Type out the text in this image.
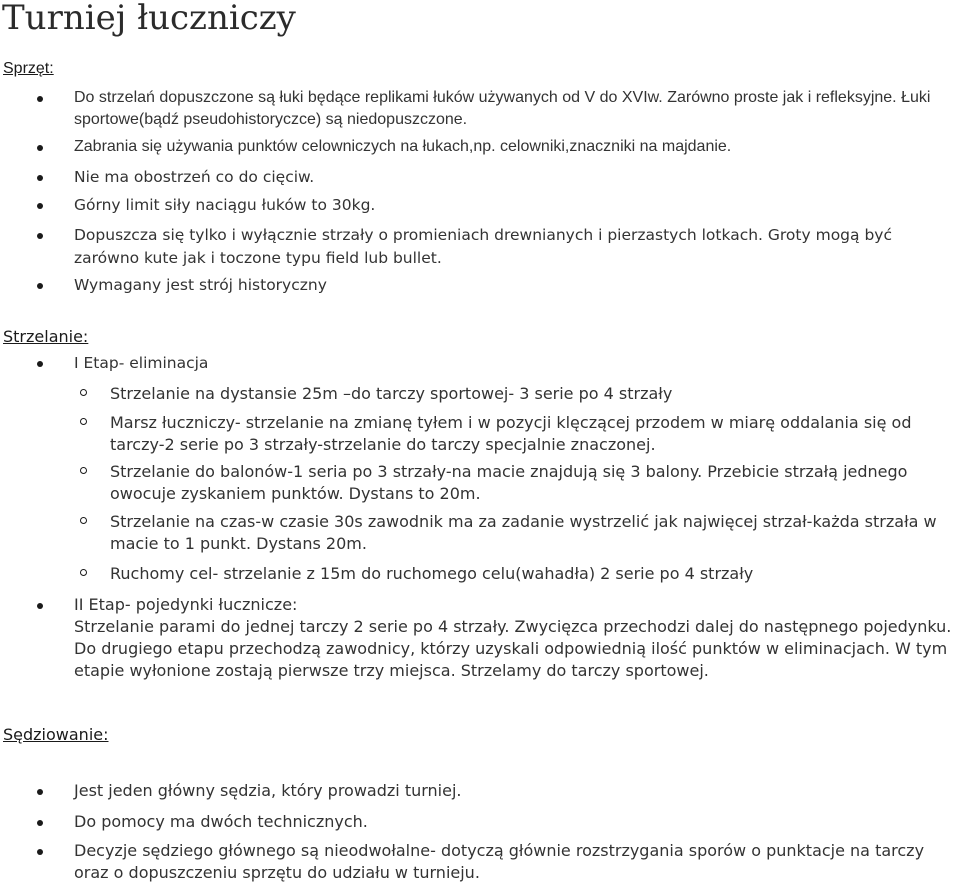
Turniej łuczniczy
Sprzęt:
Do strzelań dopuszczone są łuki będące replikami łuków używanych od V do XVIw. Zarówno proste jak i refleksyjne. Łuki sportowe(bądź pseudohistoryczce) są niedopuszczone.
Zabrania się używania punktów celowniczych na łukach,np. celowniki,znaczniki na majdanie.
Nie ma obostrzeń co do cięciw.
Górny limit siły naciągu łuków to 30kg.
Dopuszcza się tylko i wyłącznie strzały o promieniach drewnianych i pierzastych lotkach. Groty mogą być zarówno kute jak i toczone typu field lub bullet.
Wymagany jest strój historyczny
Strzelanie:
I Etap- eliminacja
Strzelanie na dystansie 25m –do tarczy sportowej- 3 serie po 4 strzały
Marsz łuczniczy- strzelanie na zmianę tyłem i w pozycji klęczącej przodem w miarę oddalania się od tarczy-2 serie po 3 strzały-strzelanie do tarczy specjalnie znaczonej.
Strzelanie do balonów-1 seria po 3 strzały-na macie znajdują się 3 balony. Przebicie strzałą jednego owocuje zyskaniem punktów. Dystans to 20m.
Strzelanie na czas-w czasie 30s zawodnik ma za zadanie wystrzelić jak najwięcej strzał-każda strzała w macie to 1 punkt. Dystans 20m.
Ruchomy cel- strzelanie z 15m do ruchomego celu(wahadła) 2 serie po 4 strzały
II Etap- pojedynki łucznicze:
Strzelanie parami do jednej tarczy 2 serie po 4 strzały. Zwycięzca przechodzi dalej do następnego pojedynku. Do drugiego etapu przechodzą zawodnicy, którzy uzyskali odpowiednią ilość punktów w eliminacjach. W tym etapie wyłonione zostają pierwsze trzy miejsca. Strzelamy do tarczy sportowej.
Sędziowanie:
Jest jeden główny sędzia, który prowadzi turniej.
Do pomocy ma dwóch technicznych.
Decyzje sędziego głównego są nieodwołalne- dotyczą głównie rozstrzygania sporów o punktacje na tarczy oraz o dopuszczeniu sprzętu do udziału w turnieju.
